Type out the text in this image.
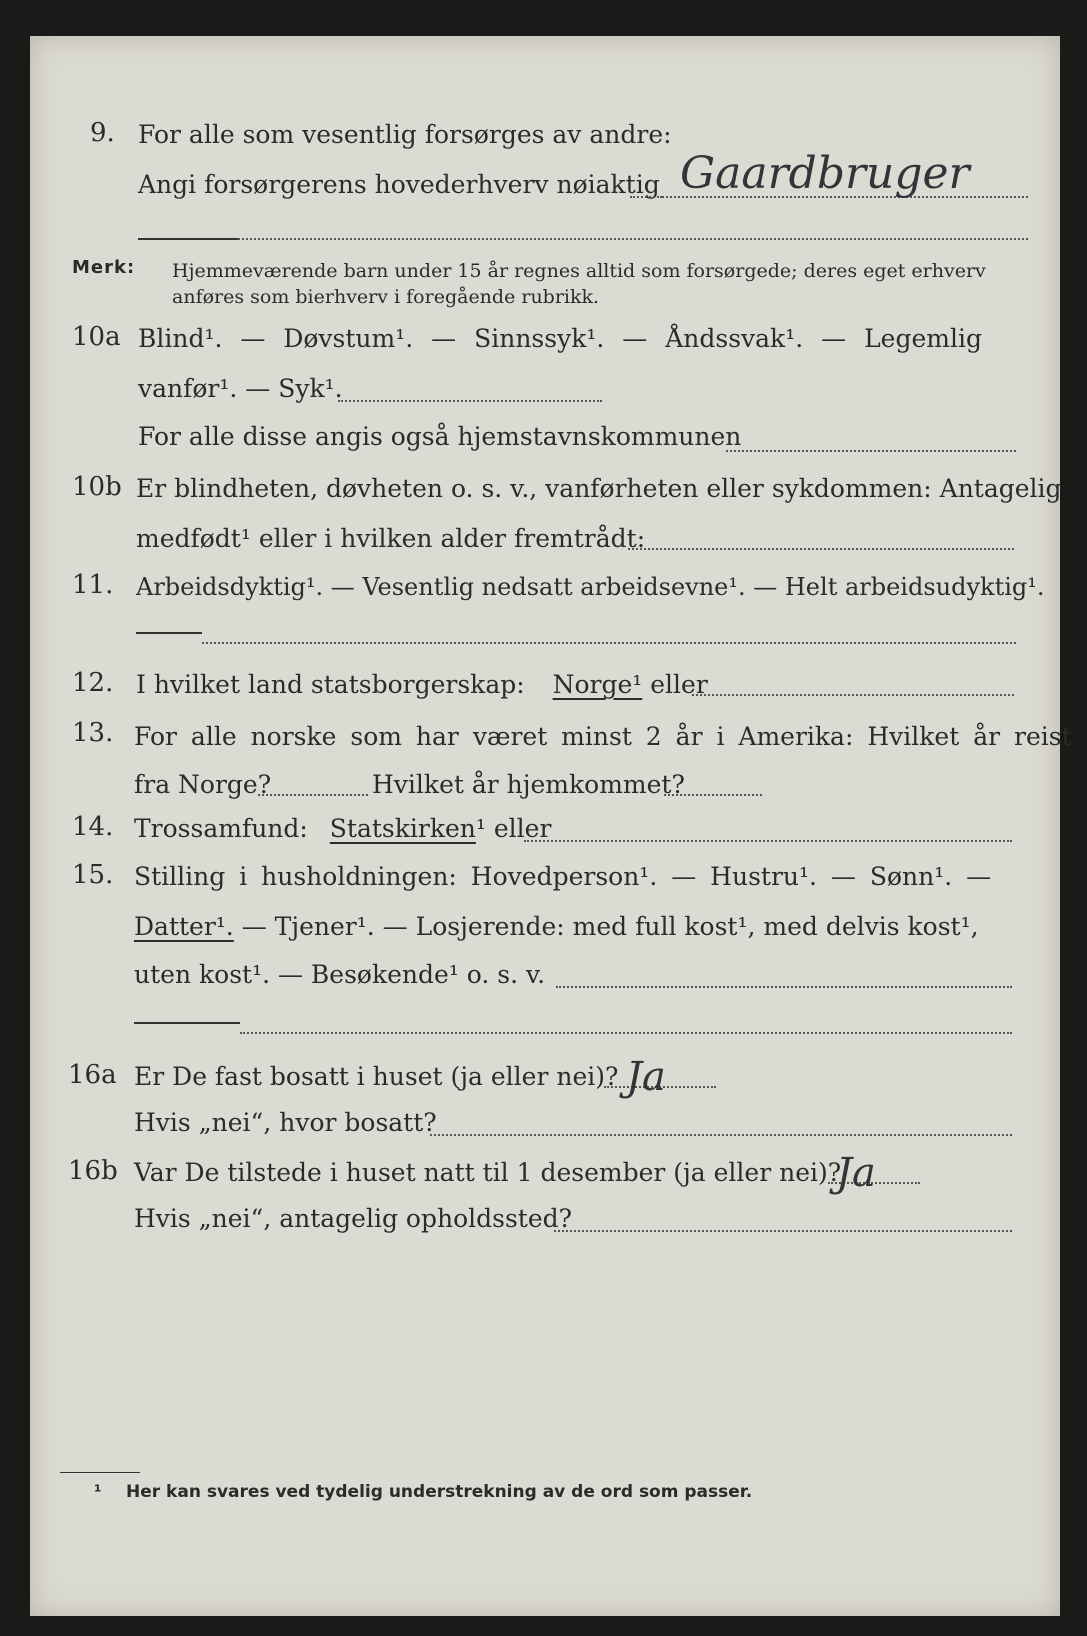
9. For alle som vesentlig forsørges av andre:
Angi forsørgerens hovederhverv nøiaktig Gaardbruger
Merk: Hjemmeværende barn under 15 år regnes alltid som forsørgede; deres eget erhverv
anføres som bierhverv i foregående rubrikk.
10a Blind¹. — Døvstum¹. — Sinnssyk¹. — Åndssvak¹. — Legemlig
vanfør¹. — Syk¹.
For alle disse angis også hjemstavnskommunen
10b Er blindheten, døvheten o. s. v., vanførheten eller sykdommen: Antagelig
medfødt¹ eller i hvilken alder fremtrådt:
11. Arbeidsdyktig¹. — Vesentlig nedsatt arbeidsevne¹. — Helt arbeidsudyktig¹.
12. I hvilket land statsborgerskap: Norge¹ eller
13. For alle norske som har været minst 2 år i Amerika: Hvilket år reist
fra Norge?	Hvilket år hjemkommet?
14. Trossamfund: Statskirken¹ eller
15. Stilling i husholdningen: Hovedperson¹. — Hustru¹. — Sønn¹. —
Datter¹. — Tjener¹. — Losjerende: med full kost¹, med delvis kost¹,
uten kost¹. — Besøkende¹ o. s. v.
16a Er De fast bosatt i huset (ja eller nei)? Ja
Hvis „nei“, hvor bosatt?
16b Var De tilstede i huset natt til 1 desember (ja eller nei)?
Ja
Hvis „nei“, antagelig opholdssted?
¹ Her kan svares ved tydelig understrekning av de ord som passer.
